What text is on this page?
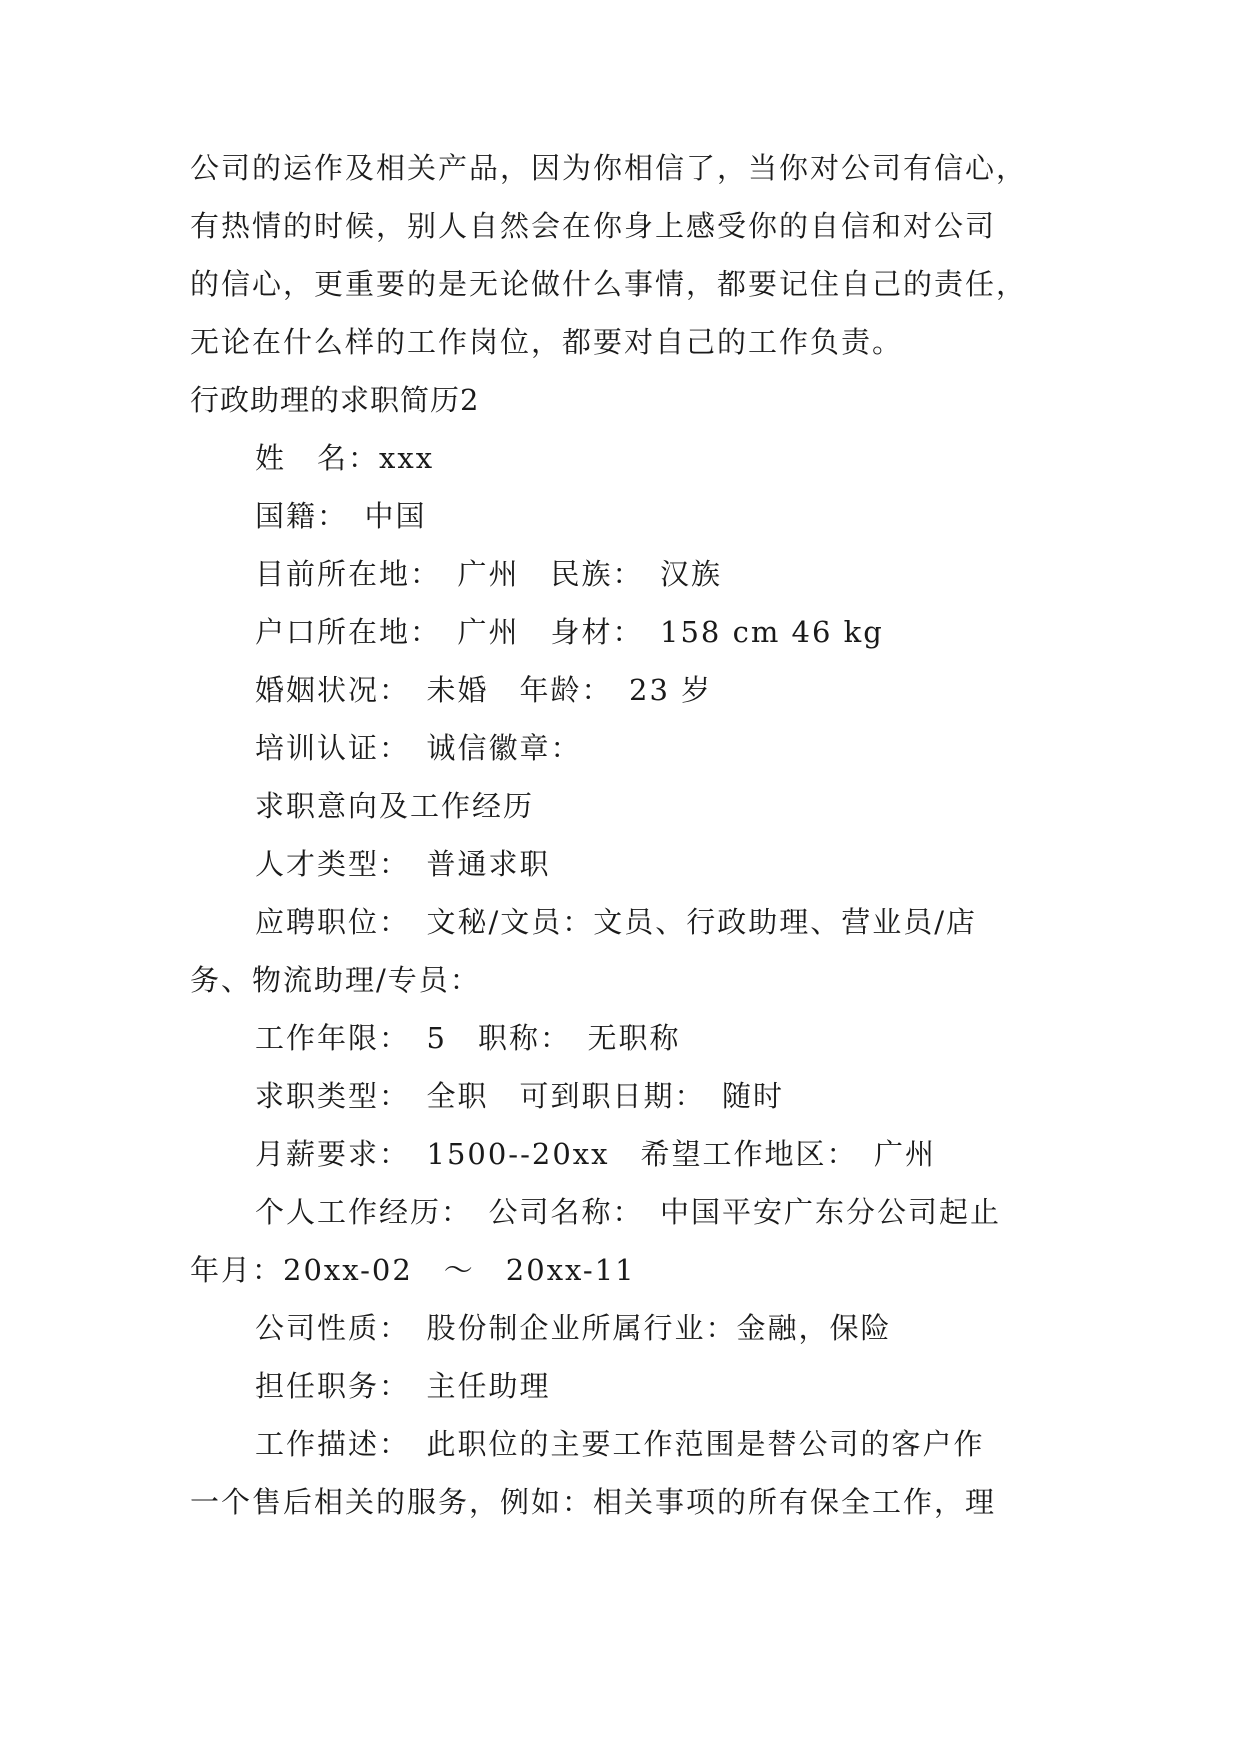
公司的运作及相关产品，因为你相信了，当你对公司有信心，
有热情的时候，别人自然会在你身上感受你的自信和对公司
的信心，更重要的是无论做什么事情，都要记住自己的责任，
无论在什么样的工作岗位，都要对自己的工作负责。
行政助理的求职简历2
姓　名：xxx
国籍：　中国
目前所在地：　广州　民族：　汉族
户口所在地：　广州　身材：　158 cm 46 kg
婚姻状况：　未婚　年龄：　23 岁
培训认证：　诚信徽章：
求职意向及工作经历
人才类型：　普通求职
应聘职位：　文秘/文员：文员、行政助理、营业员/店
务、物流助理/专员：
工作年限：　5　职称：　无职称
求职类型：　全职　可到职日期：　随时
月薪要求：　1500--20xx　希望工作地区：　广州
个人工作经历：　公司名称：　中国平安广东分公司起止
年月：20xx-02　～　20xx-11
公司性质：　股份制企业所属行业：金融，保险
担任职务：　主任助理
工作描述：　此职位的主要工作范围是替公司的客户作
一个售后相关的服务，例如：相关事项的所有保全工作，理
